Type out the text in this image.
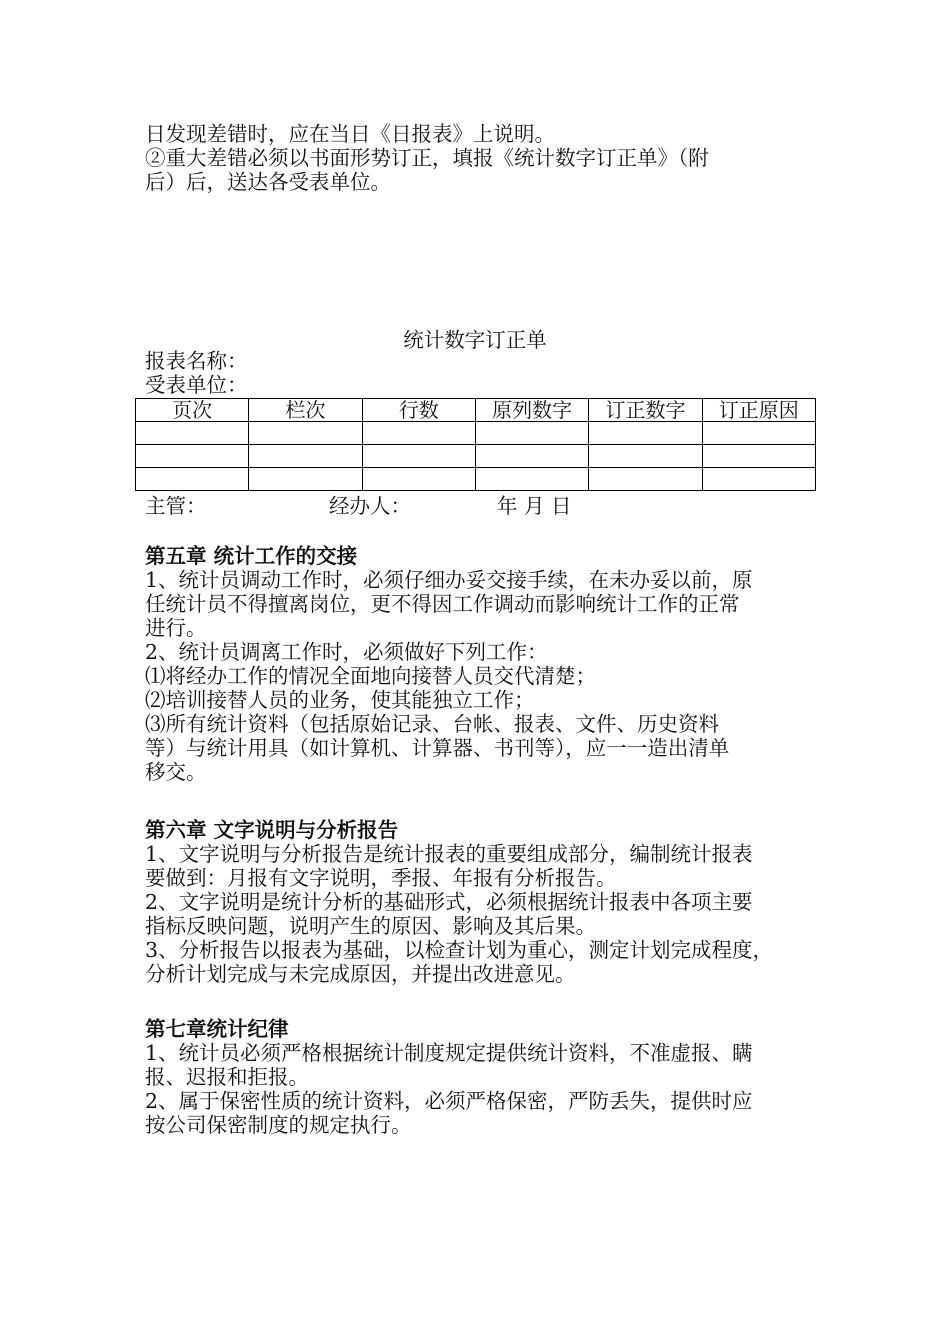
日发现差错时，应在当日《日报表》上说明。
②重大差错必须以书面形势订正，填报《统计数字订正单》（附
后）后，送达各受表单位。
统计数字订正单
报表名称：
受表单位：
页次	栏次	行数	原列数字	订正数字	订正原因

主管：	经办人：	年 月 日
第五章 统计工作的交接
1、统计员调动工作时，必须仔细办妥交接手续，在未办妥以前，原
任统计员不得擅离岗位，更不得因工作调动而影响统计工作的正常
进行。
2、统计员调离工作时，必须做好下列工作：
⑴将经办工作的情况全面地向接替人员交代清楚；
⑵培训接替人员的业务，使其能独立工作；
⑶所有统计资料（包括原始记录、台帐、报表、文件、历史资料
等）与统计用具（如计算机、计算器、书刊等），应一一造出清单
移交。
第六章 文字说明与分析报告
1、文字说明与分析报告是统计报表的重要组成部分，编制统计报表
要做到：月报有文字说明，季报、年报有分析报告。
2、文字说明是统计分析的基础形式，必须根据统计报表中各项主要
指标反映问题，说明产生的原因、影响及其后果。
3、分析报告以报表为基础，以检查计划为重心，测定计划完成程度，
分析计划完成与未完成原因，并提出改进意见。
第七章统计纪律
1、统计员必须严格根据统计制度规定提供统计资料，不准虚报、瞒
报、迟报和拒报。
2、属于保密性质的统计资料，必须严格保密，严防丢失，提供时应
按公司保密制度的规定执行。
